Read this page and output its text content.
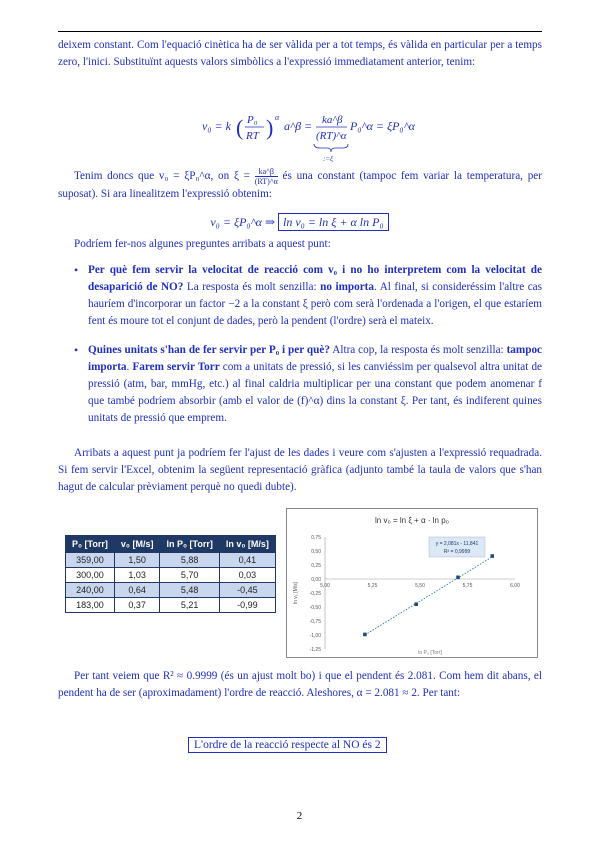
deixem constant. Com l'equació cinètica ha de ser vàlida per a tot temps, és vàlida en particular per a temps zero, l'inici. Substituïnt aquests valors simbòlics a l'expressió immediatament anterior, tenim:

v₀ = k ( P₀
RT ) α
a^β = ka^β
(RT)^α
P₀^α = ξP₀^α
:=ξ

Tenim doncs que v₀ = ξP₀^α, on $\xi = \frac{ka\^{}\beta}{(RT)\^{}\alpha}$ és una constant (tampoc fem variar la temperatura, per suposat). Si ara linealitzem l'expressió obtenim:

v₀ = ξP₀^α ⇒ ln v₀ = ln ξ + α ln P₀

Podríem fer-nos algunes preguntes arribats a aquest punt:

• Per què fem servir la velocitat de reacció com v₀ i no ho interpretem com la velocitat de desaparició de NO? La resposta és molt senzilla: no importa. Al final, si consideréssim l'altre cas hauríem d'incorporar un factor −2 a la constant ξ però com serà l'ordenada a l'origen, el que estaríem fent és moure tot el conjunt de dades, però la pendent (l'ordre) serà el mateix.
• Quines unitats s'han de fer servir per P₀ i per què? Altra cop, la resposta és molt senzilla: tampoc importa. Farem servir Torr com a unitats de pressió, si les canviéssim per qualsevol altra unitat de pressió (atm, bar, mmHg, etc.) al final caldria multiplicar per una constant que podem anomenar f que també podríem absorbir (amb el valor de (f)^α) dins la constant ξ. Per tant, és indiferent quines unitats de pressió que emprem.

Arribats a aquest punt ja podríem fer l'ajust de les dades i veure com s'ajusten a l'expressió requadrada. Si fem servir l'Excel, obtenim la següent representació gràfica (adjunto també la taula de valors que s'han hagut de calcular prèviament perquè no quedi dubte).

P₀ [Torr]	v₀ [M/s]	ln P₀ [Torr]	ln v₀ [M/s]
359,00	1,50	5,88	0,41
300,00	1,03	5,70	0,03
240,00	0,64	5,48	-0,45
183,00	0,37	5,21	-0,99
ln v₀ = ln ξ + α · ln p₀
0,75
0,50
0,25
0,00
-0,25
-0,50
-0,75
-1,00
-1,25
5,00	5,25	5,50	5,75	6,00
ln v₀ [M/s]
ln P₀ [Torr]
y = 2,081x - 11,841
R² = 0,9999

Per tant veiem que R² ≈ 0.9999 (és un ajust molt bo) i que el pendent és 2.081. Com hem dit abans, el pendent ha de ser (aproximadament) l'ordre de reacció. Aleshores, α = 2.081 ≈ 2. Per tant:

L'ordre de la reacció respecte al NO és 2
2
